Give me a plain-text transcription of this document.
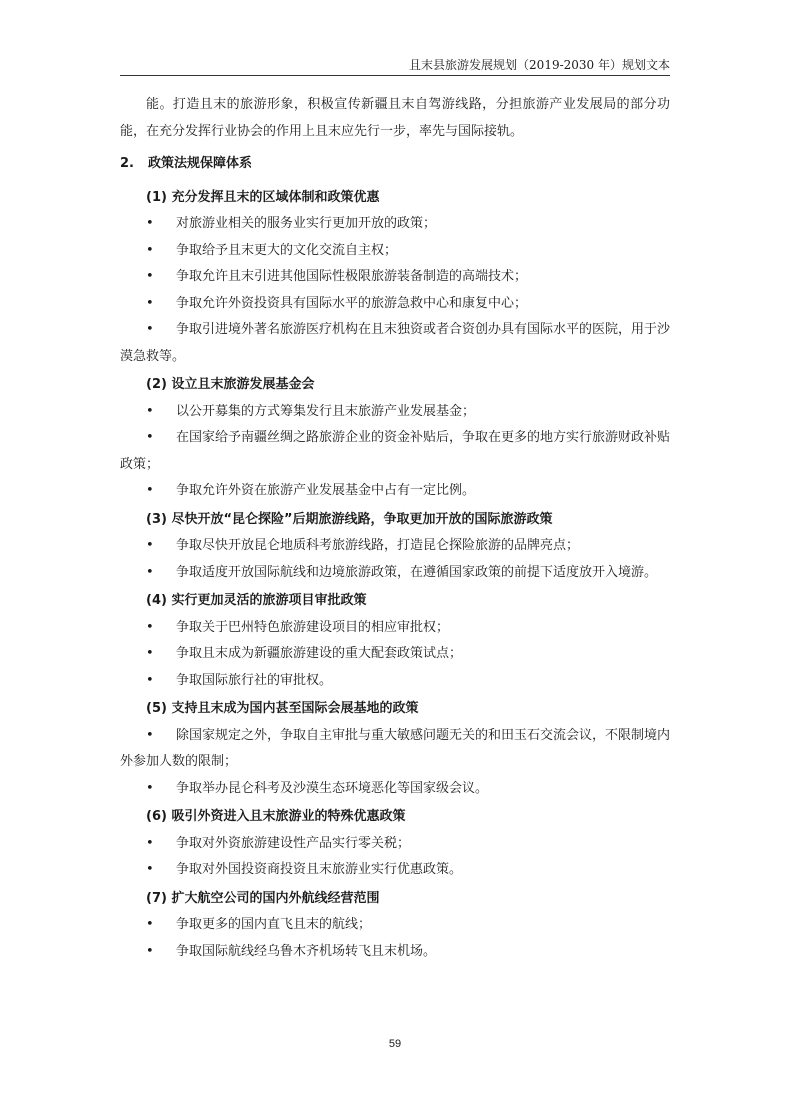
且末县旅游发展规划（2019-2030 年）规划文本

能。打造且末的旅游形象，积极宣传新疆且末自驾游线路，分担旅游产业发展局的部分功能，在充分发挥行业协会的作用上且末应先行一步，率先与国际接轨。

2. 政策法规保障体系
(1) 充分发挥且末的区域体制和政策优惠

• 对旅游业相关的服务业实行更加开放的政策；

• 争取给予且末更大的文化交流自主权；

• 争取允许且末引进其他国际性极限旅游装备制造的高端技术；

• 争取允许外资投资具有国际水平的旅游急救中心和康复中心；

• 争取引进境外著名旅游医疗机构在且末独资或者合资创办具有国际水平的医院，用于沙漠急救等。

(2) 设立且末旅游发展基金会

• 以公开募集的方式筹集发行且末旅游产业发展基金；

• 在国家给予南疆丝绸之路旅游企业的资金补贴后，争取在更多的地方实行旅游财政补贴政策；

• 争取允许外资在旅游产业发展基金中占有一定比例。

(3) 尽快开放“昆仑探险”后期旅游线路，争取更加开放的国际旅游政策

• 争取尽快开放昆仑地质科考旅游线路，打造昆仑探险旅游的品牌亮点；

• 争取适度开放国际航线和边境旅游政策，在遵循国家政策的前提下适度放开入境游。

(4) 实行更加灵活的旅游项目审批政策

• 争取关于巴州特色旅游建设项目的相应审批权；

• 争取且末成为新疆旅游建设的重大配套政策试点；

• 争取国际旅行社的审批权。

(5) 支持且末成为国内甚至国际会展基地的政策

• 除国家规定之外，争取自主审批与重大敏感问题无关的和田玉石交流会议，不限制境内外参加人数的限制；

• 争取举办昆仑科考及沙漠生态环境恶化等国家级会议。

(6) 吸引外资进入且末旅游业的特殊优惠政策

• 争取对外资旅游建设性产品实行零关税；

• 争取对外国投资商投资且末旅游业实行优惠政策。

(7) 扩大航空公司的国内外航线经营范围

• 争取更多的国内直飞且末的航线；

• 争取国际航线经乌鲁木齐机场转飞且末机场。

59
